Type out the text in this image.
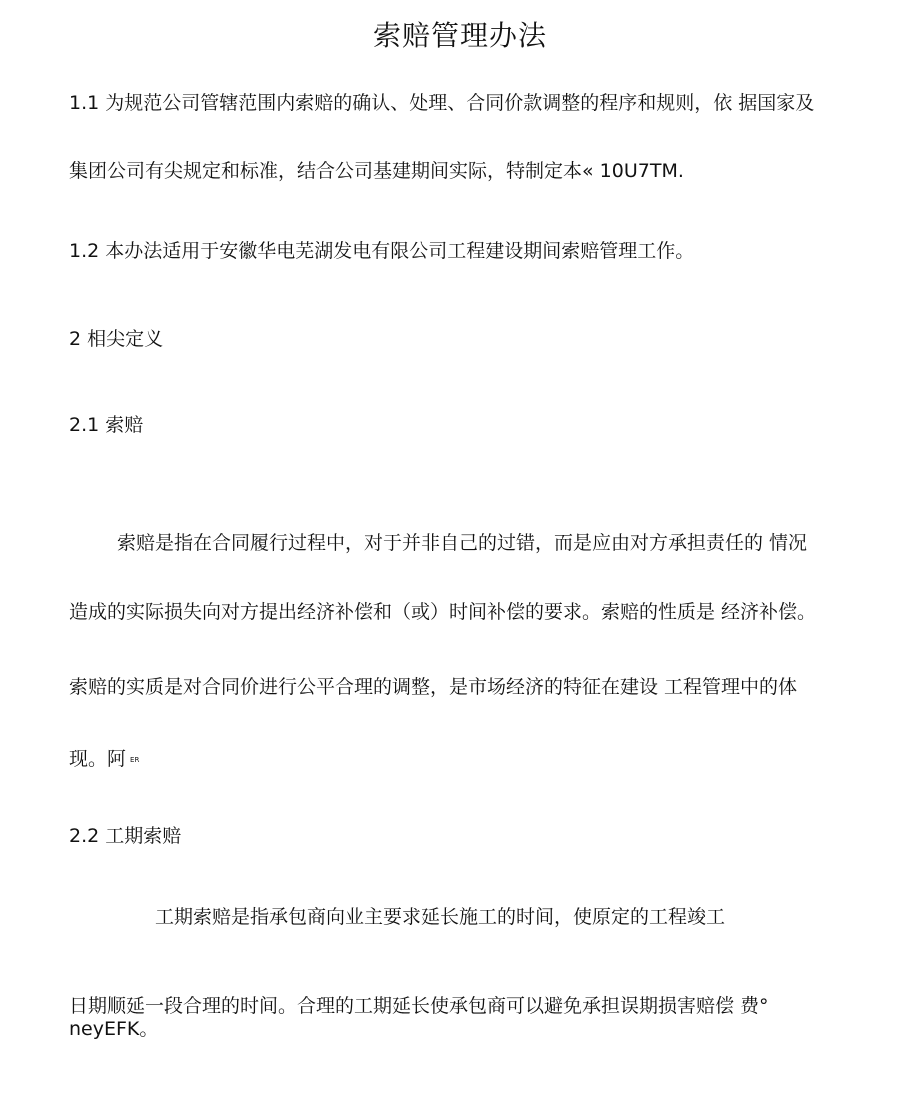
索赔管理办法
1.1 为规范公司管辖范围内索赔的确认、处理、合同价款调整的程序和规则，依 据国家及
集团公司有尖规定和标准，结合公司基建期间实际，特制定本« 10U7TM.
1.2 本办法适用于安徽华电芜湖发电有限公司工程建设期间索赔管理工作。
2 相尖定义
2.1 索赔
索赔是指在合同履行过程中，对于并非自己的过错，而是应由对方承担责任的 情况
造成的实际损失向对方提出经济补偿和（或）时间补偿的要求。索赔的性质是 经济补偿。
索赔的实质是对合同价进行公平合理的调整，是市场经济的特征在建设 工程管理中的体
现。阿 ER
2.2 工期索赔
工期索赔是指承包商向业主要求延长施工的时间，使原定的工程竣工
日期顺延一段合理的时间。合理的工期延长使承包商可以避免承担误期损害赔偿 费°
neyEFK。
